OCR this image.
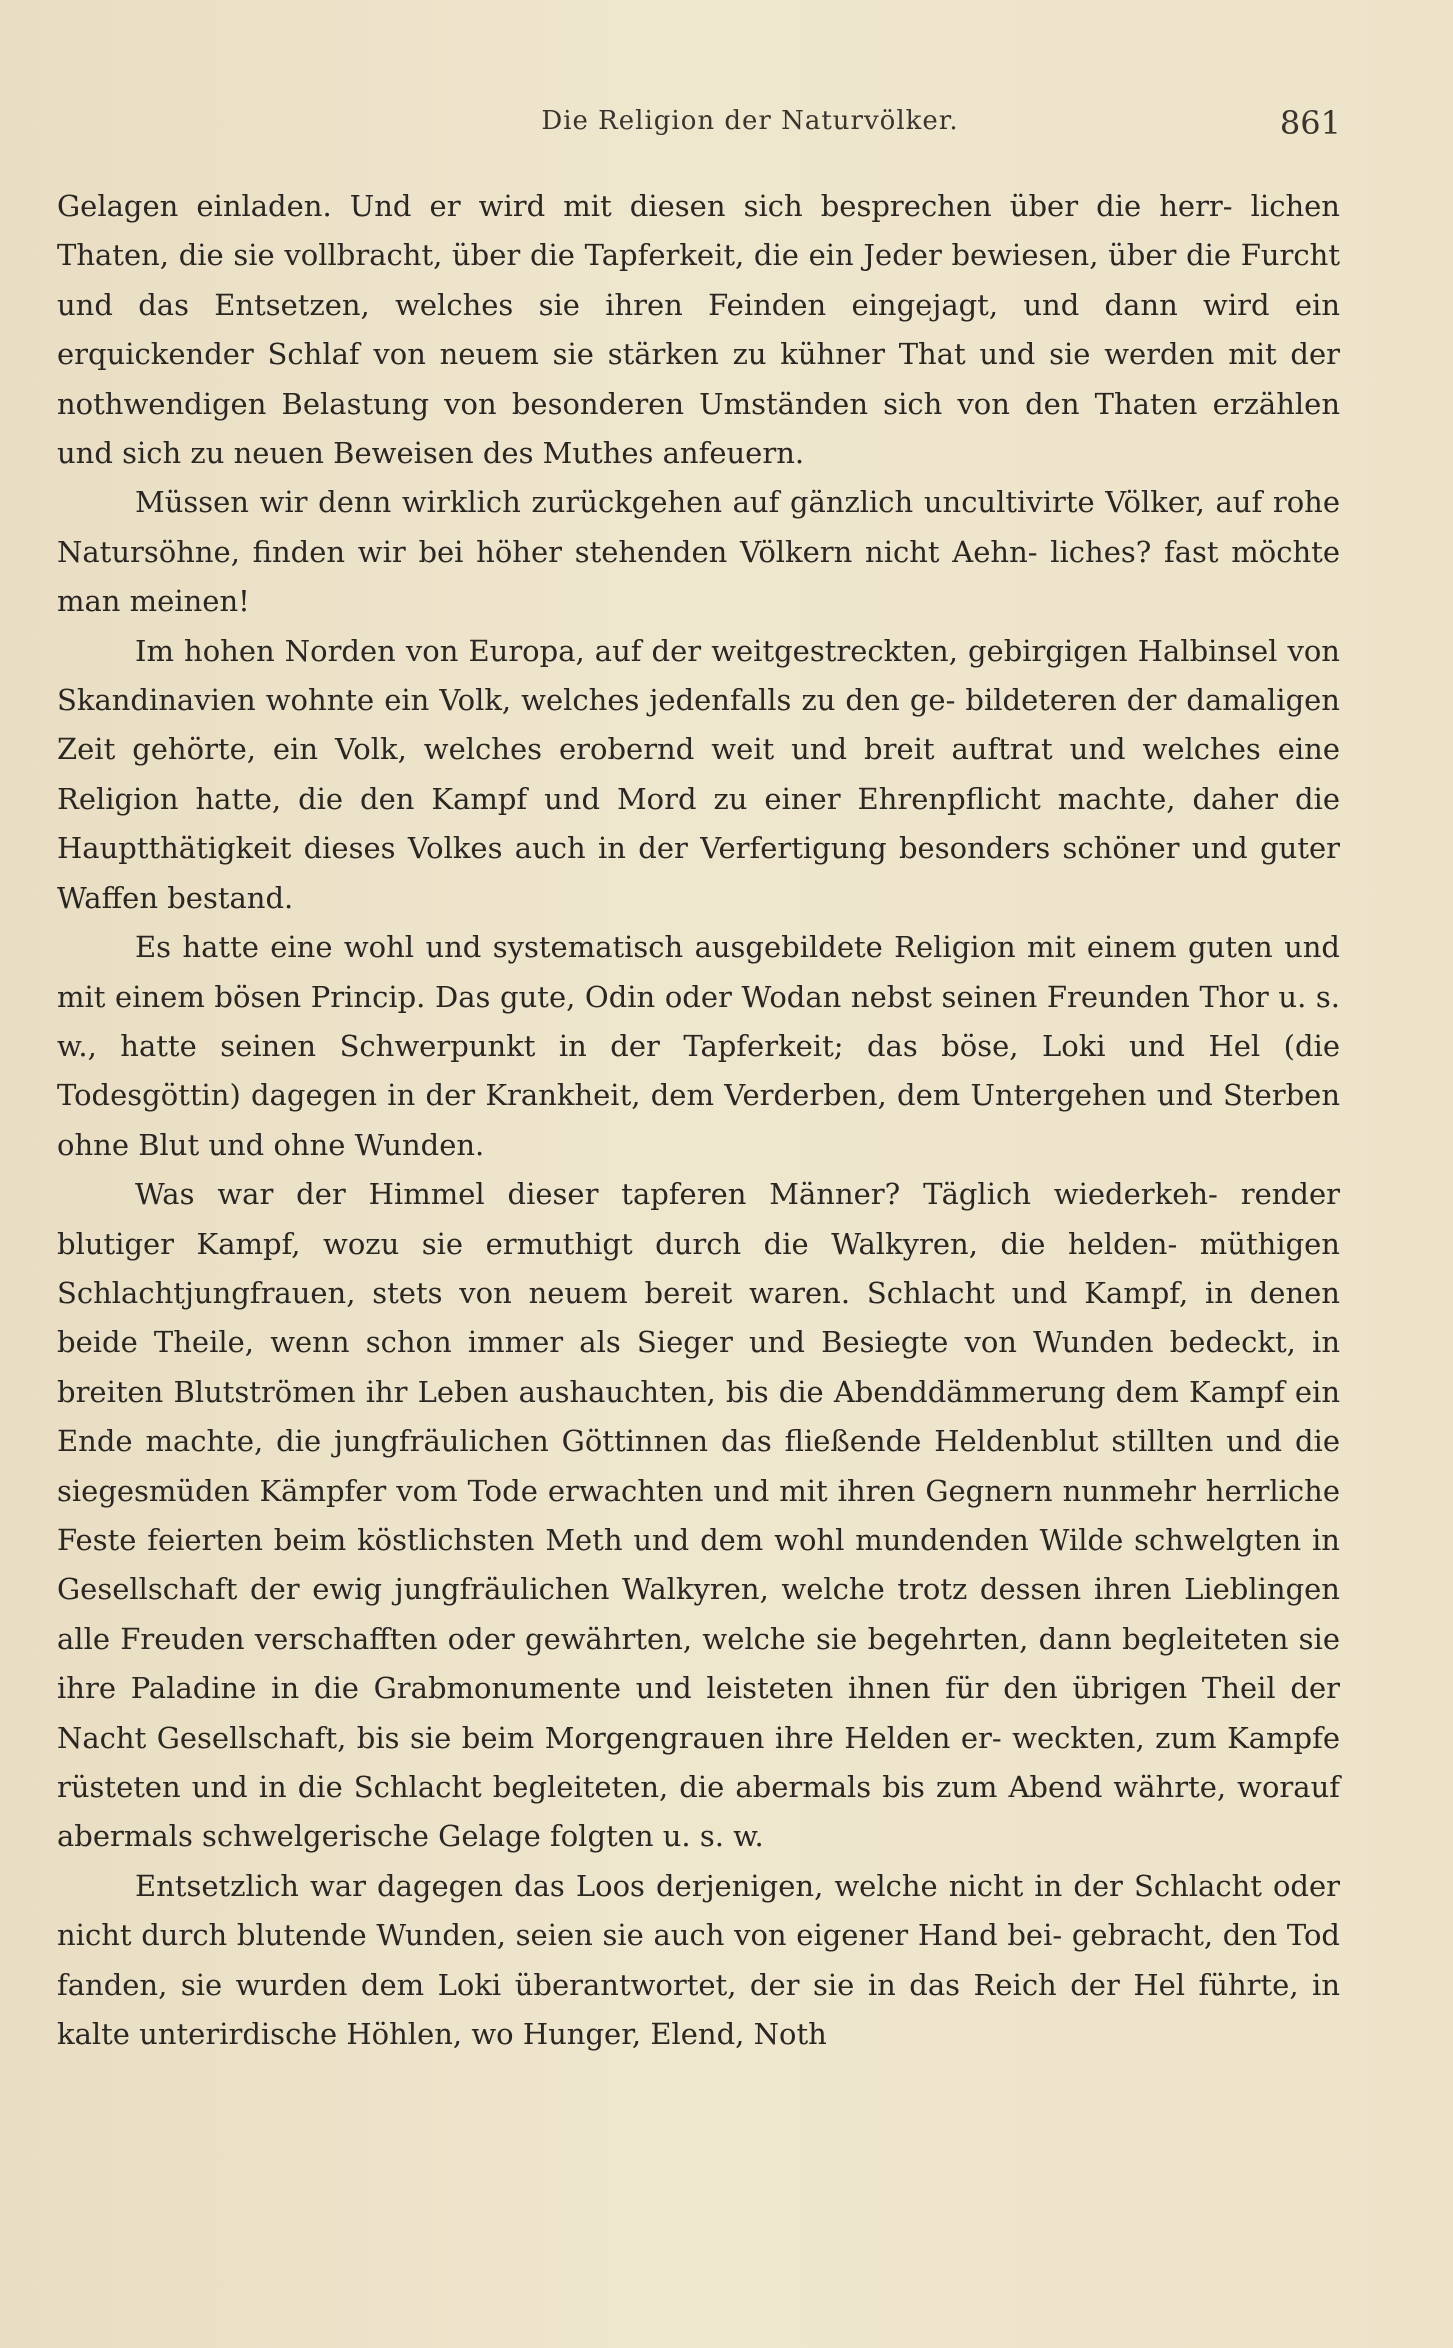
Die Religion der Naturvölker.	861

Gelagen einladen. Und er wird mit diesen sich besprechen über die herr- lichen Thaten, die sie vollbracht, über die Tapferkeit, die ein Jeder bewiesen, über die Furcht und das Entsetzen, welches sie ihren Feinden eingejagt, und dann wird ein erquickender Schlaf von neuem sie stärken zu kühner That und sie werden mit der nothwendigen Belastung von besonderen Umständen sich von den Thaten erzählen und sich zu neuen Beweisen des Muthes anfeuern.

Müssen wir denn wirklich zurückgehen auf gänzlich uncultivirte Völker, auf rohe Natursöhne, finden wir bei höher stehenden Völkern nicht Aehn- liches? fast möchte man meinen!

Im hohen Norden von Europa, auf der weitgestreckten, gebirgigen Halbinsel von Skandinavien wohnte ein Volk, welches jedenfalls zu den ge- bildeteren der damaligen Zeit gehörte, ein Volk, welches erobernd weit und breit auftrat und welches eine Religion hatte, die den Kampf und Mord zu einer Ehrenpflicht machte, daher die Hauptthätigkeit dieses Volkes auch in der Verfertigung besonders schöner und guter Waffen bestand.

Es hatte eine wohl und systematisch ausgebildete Religion mit einem guten und mit einem bösen Princip. Das gute, Odin oder Wodan nebst seinen Freunden Thor u. s. w., hatte seinen Schwerpunkt in der Tapferkeit; das böse, Loki und Hel (die Todesgöttin) dagegen in der Krankheit, dem Verderben, dem Untergehen und Sterben ohne Blut und ohne Wunden.

Was war der Himmel dieser tapferen Männer? Täglich wiederkeh- render blutiger Kampf, wozu sie ermuthigt durch die Walkyren, die helden- müthigen Schlachtjungfrauen, stets von neuem bereit waren. Schlacht und Kampf, in denen beide Theile, wenn schon immer als Sieger und Besiegte von Wunden bedeckt, in breiten Blutströmen ihr Leben aushauchten, bis die Abenddämmerung dem Kampf ein Ende machte, die jungfräulichen Göttinnen das fließende Heldenblut stillten und die siegesmüden Kämpfer vom Tode erwachten und mit ihren Gegnern nunmehr herrliche Feste feierten beim köstlichsten Meth und dem wohl mundenden Wilde schwelgten in Gesellschaft der ewig jungfräulichen Walkyren, welche trotz dessen ihren Lieblingen alle Freuden verschafften oder gewährten, welche sie begehrten, dann begleiteten sie ihre Paladine in die Grabmonumente und leisteten ihnen für den übrigen Theil der Nacht Gesellschaft, bis sie beim Morgengrauen ihre Helden er- weckten, zum Kampfe rüsteten und in die Schlacht begleiteten, die abermals bis zum Abend währte, worauf abermals schwelgerische Gelage folgten u. s. w.

Entsetzlich war dagegen das Loos derjenigen, welche nicht in der Schlacht oder nicht durch blutende Wunden, seien sie auch von eigener Hand bei- gebracht, den Tod fanden, sie wurden dem Loki überantwortet, der sie in das Reich der Hel führte, in kalte unterirdische Höhlen, wo Hunger, Elend, Noth
